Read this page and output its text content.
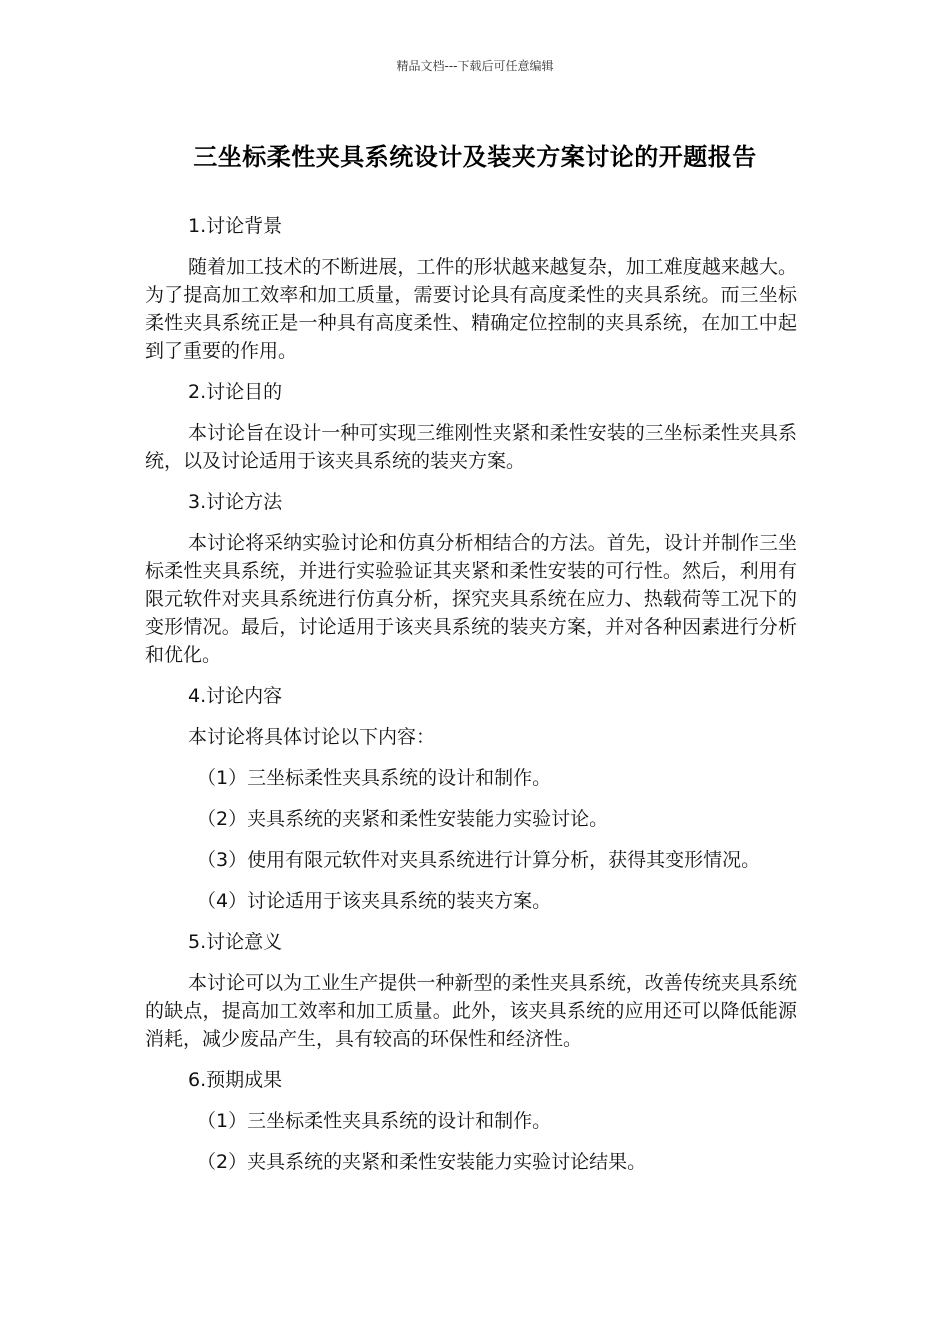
精品文档---下载后可任意编辑
三坐标柔性夹具系统设计及装夹方案讨论的开题报告

1.讨论背景

随着加工技术的不断进展，工件的形状越来越复杂，加工难度越来越大。为了提高加工效率和加工质量，需要讨论具有高度柔性的夹具系统。而三坐标柔性夹具系统正是一种具有高度柔性、精确定位控制的夹具系统，在加工中起到了重要的作用。

2.讨论目的

本讨论旨在设计一种可实现三维刚性夹紧和柔性安装的三坐标柔性夹具系统，以及讨论适用于该夹具系统的装夹方案。

3.讨论方法

本讨论将采纳实验讨论和仿真分析相结合的方法。首先，设计并制作三坐标柔性夹具系统，并进行实验验证其夹紧和柔性安装的可行性。然后，利用有限元软件对夹具系统进行仿真分析，探究夹具系统在应力、热载荷等工况下的变形情况。最后，讨论适用于该夹具系统的装夹方案，并对各种因素进行分析和优化。

4.讨论内容

本讨论将具体讨论以下内容：

（1）三坐标柔性夹具系统的设计和制作。

（2）夹具系统的夹紧和柔性安装能力实验讨论。

（3）使用有限元软件对夹具系统进行计算分析，获得其变形情况。

（4）讨论适用于该夹具系统的装夹方案。

5.讨论意义

本讨论可以为工业生产提供一种新型的柔性夹具系统，改善传统夹具系统的缺点，提高加工效率和加工质量。此外，该夹具系统的应用还可以降低能源消耗，减少废品产生，具有较高的环保性和经济性。

6.预期成果

（1）三坐标柔性夹具系统的设计和制作。

（2）夹具系统的夹紧和柔性安装能力实验讨论结果。
